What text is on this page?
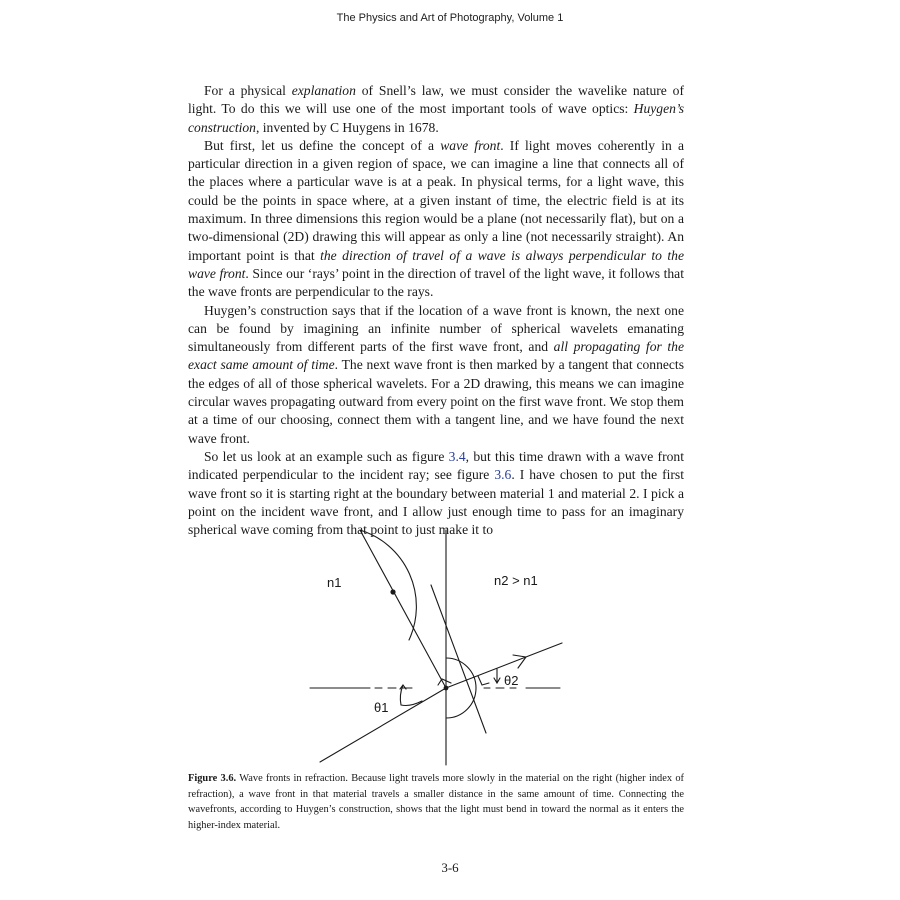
The Physics and Art of Photography, Volume 1

For a physical explanation of Snell’s law, we must consider the wavelike nature of light. To do this we will use one of the most important tools of wave optics: Huygen’s construction, invented by C Huygens in 1678.

But first, let us define the concept of a wave front. If light moves coherently in a particular direction in a given region of space, we can imagine a line that connects all of the places where a particular wave is at a peak. In physical terms, for a light wave, this could be the points in space where, at a given instant of time, the electric field is at its maximum. In three dimensions this region would be a plane (not necessarily flat), but on a two-dimensional (2D) drawing this will appear as only a line (not necessarily straight). An important point is that the direction of travel of a wave is always perpendicular to the wave front. Since our ‘rays’ point in the direction of travel of the light wave, it follows that the wave fronts are perpendicular to the rays.

Huygen’s construction says that if the location of a wave front is known, the next one can be found by imagining an infinite number of spherical wavelets emanating simultaneously from different parts of the first wave front, and all propagating for the exact same amount of time. The next wave front is then marked by a tangent that connects the edges of all of those spherical wavelets. For a 2D drawing, this means we can imagine circular waves propagating outward from every point on the first wave front. We stop them at a time of our choosing, connect them with a tangent line, and we have found the next wave front.

So let us look at an example such as figure 3.4, but this time drawn with a wave front indicated perpendicular to the incident ray; see figure 3.6. I have chosen to put the first wave front so it is starting right at the boundary between material 1 and material 2. I pick a point on the incident wave front, and I allow just enough time to pass for an imaginary spherical wave coming from that point to just make it to

n1	n2 > n1
θ1
θ2
Figure 3.6. Wave fronts in refraction. Because light travels more slowly in the material on the right (higher index of refraction), a wave front in that material travels a smaller distance in the same amount of time. Connecting the wavefronts, according to Huygen’s construction, shows that the light must bend in toward the normal as it enters the higher-index material.
3-6
